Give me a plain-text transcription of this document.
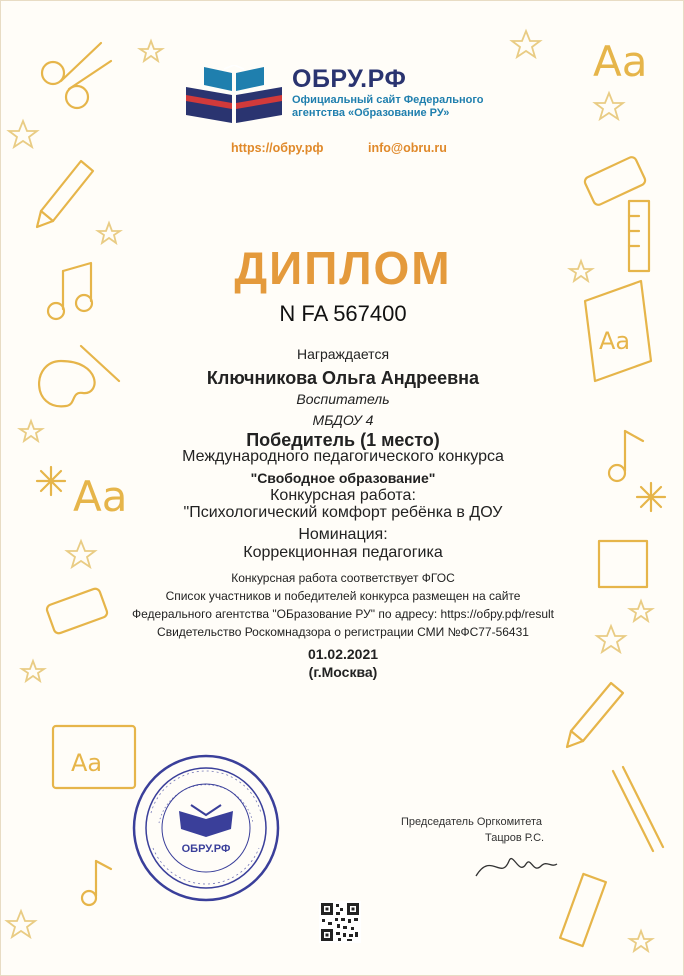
Aa
Aa
Aa
Aa
ОБРУ.РФ
Официальный сайт Федерального
агентства «Образование РУ»
https://обру.рф	info@obru.ru
ДИПЛОМ
N FA 567400
Награждается
Ключникова Ольга Андреевна
Воспитатель
МБДОУ 4
Победитель (1 место)
Международного педагогического конкурса
"Свободное образование"
Конкурсная работа:
"Психологический комфорт ребёнка в ДОУ
Номинация:
Коррекционная педагогика
Конкурсная работа соответствует ФГОС
Список участников и победителей конкурса размещен на сайте
Федерального агентства "ОБразование РУ" по адресу: https://обру.рф/result
Свидетельство Роскомнадзора о регистрации СМИ №ФС77-56431
01.02.2021
(г.Москва)
ОБРУ.РФ
Председатель Оргкомитета
Тацров Р.С.
